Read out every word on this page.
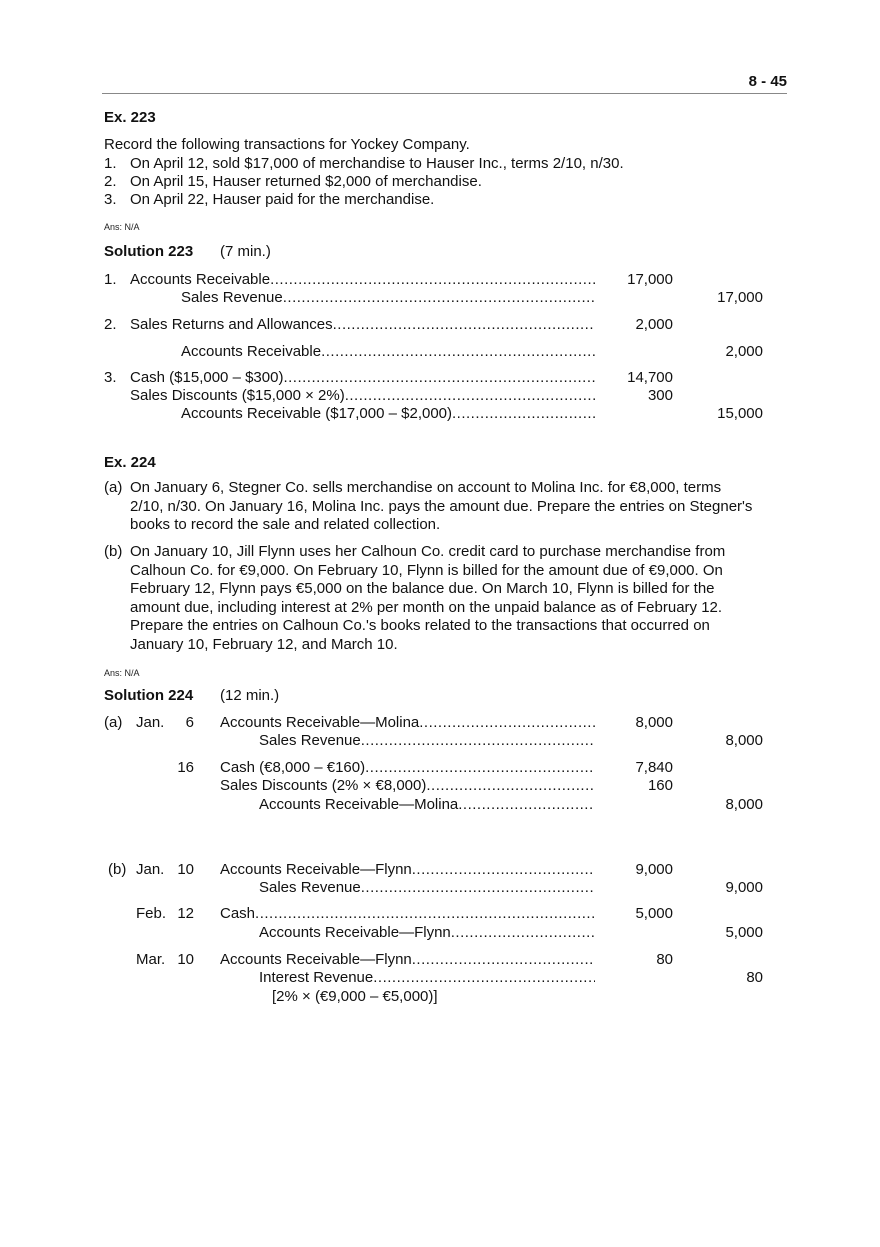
8 - 45
Ex. 223
Record the following transactions for Yockey Company.
1. On April 12, sold $17,000 of merchandise to Hauser Inc., terms 2/10, n/30.
2. On April 15, Hauser returned $2,000 of merchandise.
3. On April 22, Hauser paid for the merchandise.
Ans: N/A
Solution 223 (7 min.)
1. Accounts Receivable .....	17,000
Sales Revenue .....	17,000
2. Sales Returns and Allowances .....	2,000
Accounts Receivable .....	2,000
3. Cash ($15,000 – $300) .....	14,700
Sales Discounts ($15,000 × 2%) .....	300
Accounts Receivable ($17,000 – $2,000) .....	15,000
Ex. 224
(a) On January 6, Stegner Co. sells merchandise on account to Molina Inc. for €8,000, terms
2/10, n/30. On January 16, Molina Inc. pays the amount due. Prepare the entries on Stegner's
books to record the sale and related collection.
(b) On January 10, Jill Flynn uses her Calhoun Co. credit card to purchase merchandise from
Calhoun Co. for €9,000. On February 10, Flynn is billed for the amount due of €9,000. On
February 12, Flynn pays €5,000 on the balance due. On March 10, Flynn is billed for the
amount due, including interest at 2% per month on the unpaid balance as of February 12.
Prepare the entries on Calhoun Co.'s books related to the transactions that occurred on
January 10, February 12, and March 10.
Ans: N/A
Solution 224 (12 min.)
(a) Jan.	6 Accounts Receivable—Molina .....	8,000
Sales Revenue .....	8,000
16 Cash (€8,000 – €160) .....	7,840
Sales Discounts (2% × €8,000) .....	160
Accounts Receivable—Molina .....	8,000
(b) Jan. 10 Accounts Receivable—Flynn .....	9,000
Sales Revenue .....	9,000
Feb. 12 Cash .....	5,000
Accounts Receivable—Flynn .....	5,000
Mar. 10 Accounts Receivable—Flynn .....	80
Interest Revenue .....	80
[2% × (€9,000 – €5,000)]
